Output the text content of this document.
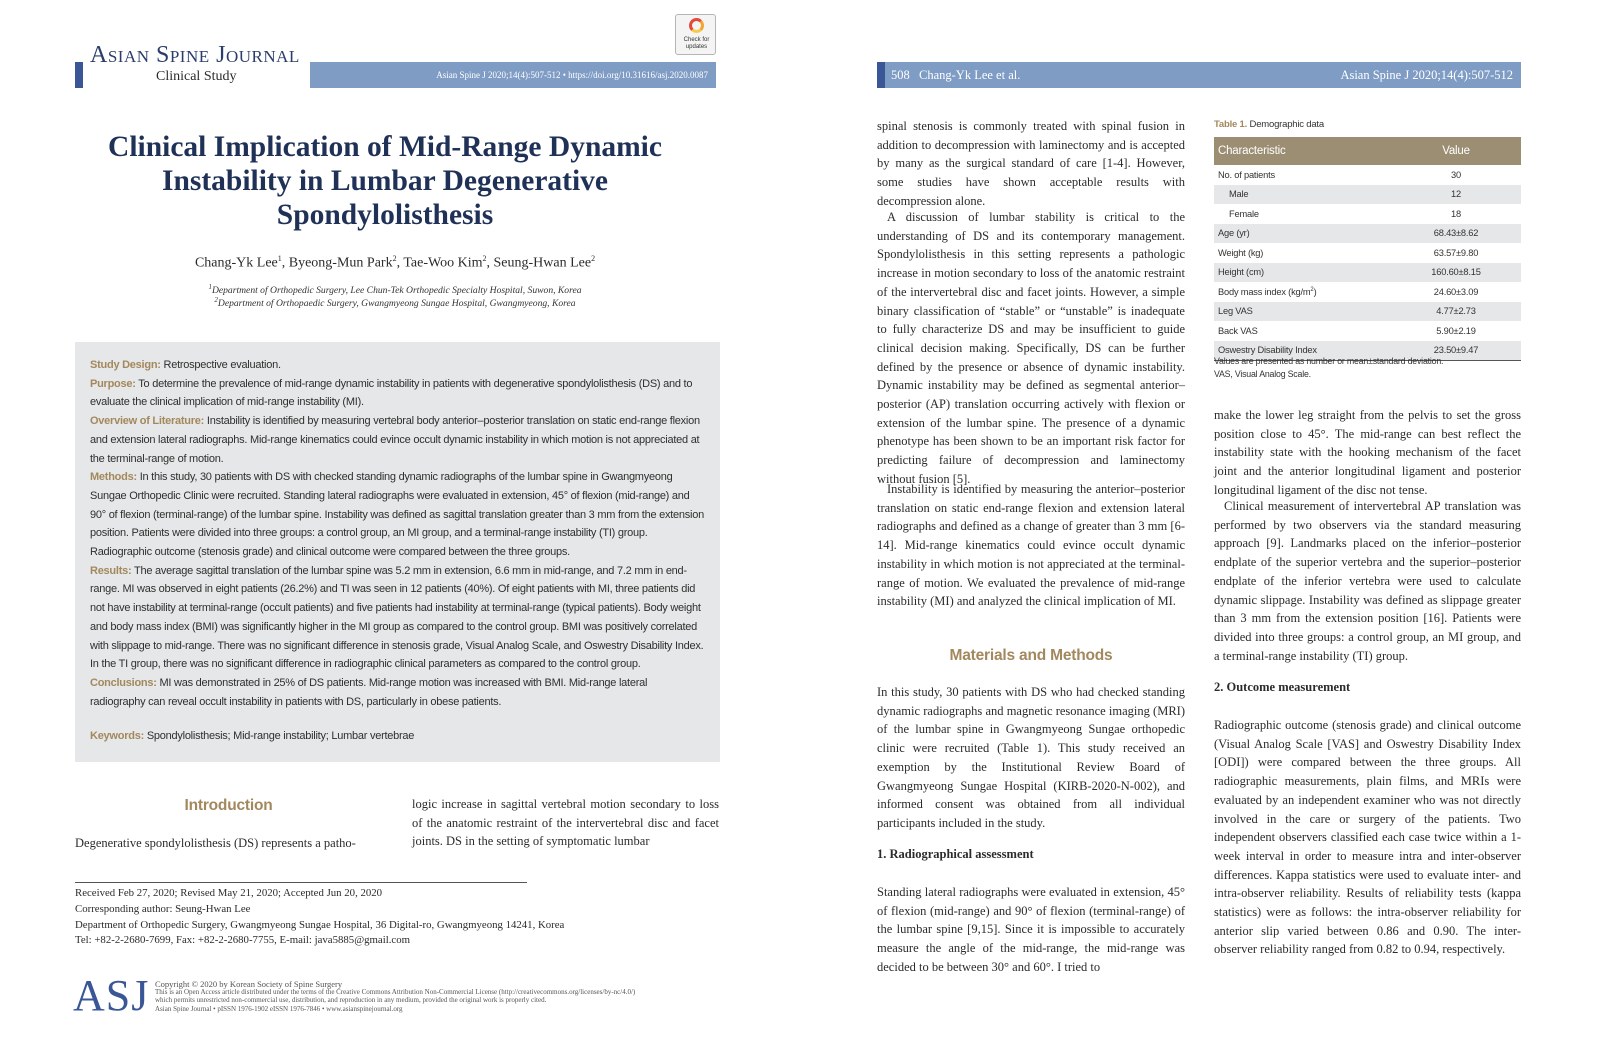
Asian Spine Journal
Clinical Study	Asian Spine J 2020;14(4):507-512 • https://doi.org/10.31616/asj.2020.0087
Check for updates
Clinical Implication of Mid-Range Dynamic Instability in Lumbar Degenerative Spondylolisthesis
Chang-Yk Lee$^1$, Byeong-Mun Park$^2$, Tae-Woo Kim$^2$, Seung-Hwan Lee$^2$
$^1$Department of Orthopedic Surgery, Lee Chun-Tek Orthopedic Specialty Hospital, Suwon, Korea
$^2$Department of Orthopaedic Surgery, Gwangmyeong Sungae Hospital, Gwangmyeong, Korea

Study Design: Retrospective evaluation.

Purpose: To determine the prevalence of mid-range dynamic instability in patients with degenerative spondylolisthesis (DS) and to evaluate the clinical implication of mid-range instability (MI).

Overview of Literature: Instability is identified by measuring vertebral body anterior–posterior translation on static end-range flexion and extension lateral radiographs. Mid-range kinematics could evince occult dynamic instability in which motion is not appreciated at the terminal-range of motion.

Methods: In this study, 30 patients with DS with checked standing dynamic radiographs of the lumbar spine in Gwangmyeong Sungae Orthopedic Clinic were recruited. Standing lateral radiographs were evaluated in extension, 45° of flexion (mid-range) and 90° of flexion (terminal-range) of the lumbar spine. Instability was defined as sagittal translation greater than 3 mm from the extension position. Patients were divided into three groups: a control group, an MI group, and a terminal-range instability (TI) group. Radiographic outcome (stenosis grade) and clinical outcome were compared between the three groups.

Results: The average sagittal translation of the lumbar spine was 5.2 mm in extension, 6.6 mm in mid-range, and 7.2 mm in end-range. MI was observed in eight patients (26.2%) and TI was seen in 12 patients (40%). Of eight patients with MI, three patients did not have instability at terminal-range (occult patients) and five patients had instability at terminal-range (typical patients). Body weight and body mass index (BMI) was significantly higher in the MI group as compared to the control group. BMI was positively correlated with slippage to mid-range. There was no significant difference in stenosis grade, Visual Analog Scale, and Oswestry Disability Index. In the TI group, there was no significant difference in radiographic clinical parameters as compared to the control group.

Conclusions: MI was demonstrated in 25% of DS patients. Mid-range motion was increased with BMI. Mid-range lateral radiography can reveal occult instability in patients with DS, particularly in obese patients.

Keywords: Spondylolisthesis; Mid-range instability; Lumbar vertebrae

Introduction

Degenerative spondylolisthesis (DS) represents a patho-

logic increase in sagittal vertebral motion secondary to loss of the anatomic restraint of the intervertebral disc and facet joints. DS in the setting of symptomatic lumbar

Received Feb 27, 2020; Revised May 21, 2020; Accepted Jun 20, 2020
Corresponding author: Seung-Hwan Lee
Department of Orthopedic Surgery, Gwangmyeong Sungae Hospital, 36 Digital-ro, Gwangmyeong 14241, Korea
Tel: +82-2-2680-7699, Fax: +82-2-2680-7755, E-mail: java5885@gmail.com
ASJ Copyright © 2020 by Korean Society of Spine Surgery
This is an Open Access article distributed under the terms of the Creative Commons Attribution Non-Commercial License (http://creativecommons.org/licenses/by-nc/4.0/)
which permits unrestricted non-commercial use, distribution, and reproduction in any medium, provided the original work is properly cited.
Asian Spine Journal • pISSN 1976-1902 eISSN 1976-7846 • www.asianspinejournal.org
508 Chang-Yk Lee et al.	Asian Spine J 2020;14(4):507-512

spinal stenosis is commonly treated with spinal fusion in addition to decompression with laminectomy and is accepted by many as the surgical standard of care [1-4]. However, some studies have shown acceptable results with decompression alone.

A discussion of lumbar stability is critical to the understanding of DS and its contemporary management. Spondylolisthesis in this setting represents a pathologic increase in motion secondary to loss of the anatomic restraint of the intervertebral disc and facet joints. However, a simple binary classification of “stable” or “unstable” is inadequate to fully characterize DS and may be insufficient to guide clinical decision making. Specifically, DS can be further defined by the presence or absence of dynamic instability. Dynamic instability may be defined as segmental anterior–posterior (AP) translation occurring actively with flexion or extension of the lumbar spine. The presence of a dynamic phenotype has been shown to be an important risk factor for predicting failure of decompression and laminectomy without fusion [5].

Instability is identified by measuring the anterior–posterior translation on static end-range flexion and extension lateral radiographs and defined as a change of greater than 3 mm [6-14]. Mid-range kinematics could evince occult dynamic instability in which motion is not appreciated at the terminal-range of motion. We evaluated the prevalence of mid-range instability (MI) and analyzed the clinical implication of MI.

Materials and Methods

In this study, 30 patients with DS who had checked standing dynamic radiographs and magnetic resonance imaging (MRI) of the lumbar spine in Gwangmyeong Sungae orthopedic clinic were recruited (Table 1). This study received an exemption by the Institutional Review Board of Gwangmyeong Sungae Hospital (KIRB-2020-N-002), and informed consent was obtained from all individual participants included in the study.

1. Radiographical assessment

Standing lateral radiographs were evaluated in extension, 45° of flexion (mid-range) and 90° of flexion (terminal-range) of the lumbar spine [9,15]. Since it is impossible to accurately measure the angle of the mid-range, the mid-range was decided to be between 30° and 60°. I tried to

Table 1. Demographic data
Characteristic	Value
No. of patients	30
Male	12
Female	18
Age (yr)	68.43±8.62
Weight (kg)	63.57±9.80
Height (cm)	160.60±8.15
Body mass index $(kg/m^2)$	24.60±3.09
Leg VAS	4.77±2.73
Back VAS	5.90±2.19
Oswestry Disability Index	23.50±9.47
Values are presented as number or mean±standard deviation.
VAS, Visual Analog Scale.

make the lower leg straight from the pelvis to set the gross position close to 45°. The mid-range can best reflect the instability state with the hooking mechanism of the facet joint and the anterior longitudinal ligament and posterior longitudinal ligament of the disc not tense.

Clinical measurement of intervertebral AP translation was performed by two observers via the standard measuring approach [9]. Landmarks placed on the inferior–posterior endplate of the superior vertebra and the superior–posterior endplate of the inferior vertebra were used to calculate dynamic slippage. Instability was defined as slippage greater than 3 mm from the extension position [16]. Patients were divided into three groups: a control group, an MI group, and a terminal-range instability (TI) group.

2. Outcome measurement

Radiographic outcome (stenosis grade) and clinical outcome (Visual Analog Scale [VAS] and Oswestry Disability Index [ODI]) were compared between the three groups. All radiographic measurements, plain films, and MRIs were evaluated by an independent examiner who was not directly involved in the care or surgery of the patients. Two independent observers classified each case twice within a 1-week interval in order to measure intra and inter-observer differences. Kappa statistics were used to evaluate inter- and intra-observer reliability. Results of reliability tests (kappa statistics) were as follows: the intra-observer reliability for anterior slip varied between 0.86 and 0.90. The inter-observer reliability ranged from 0.82 to 0.94, respectively.
